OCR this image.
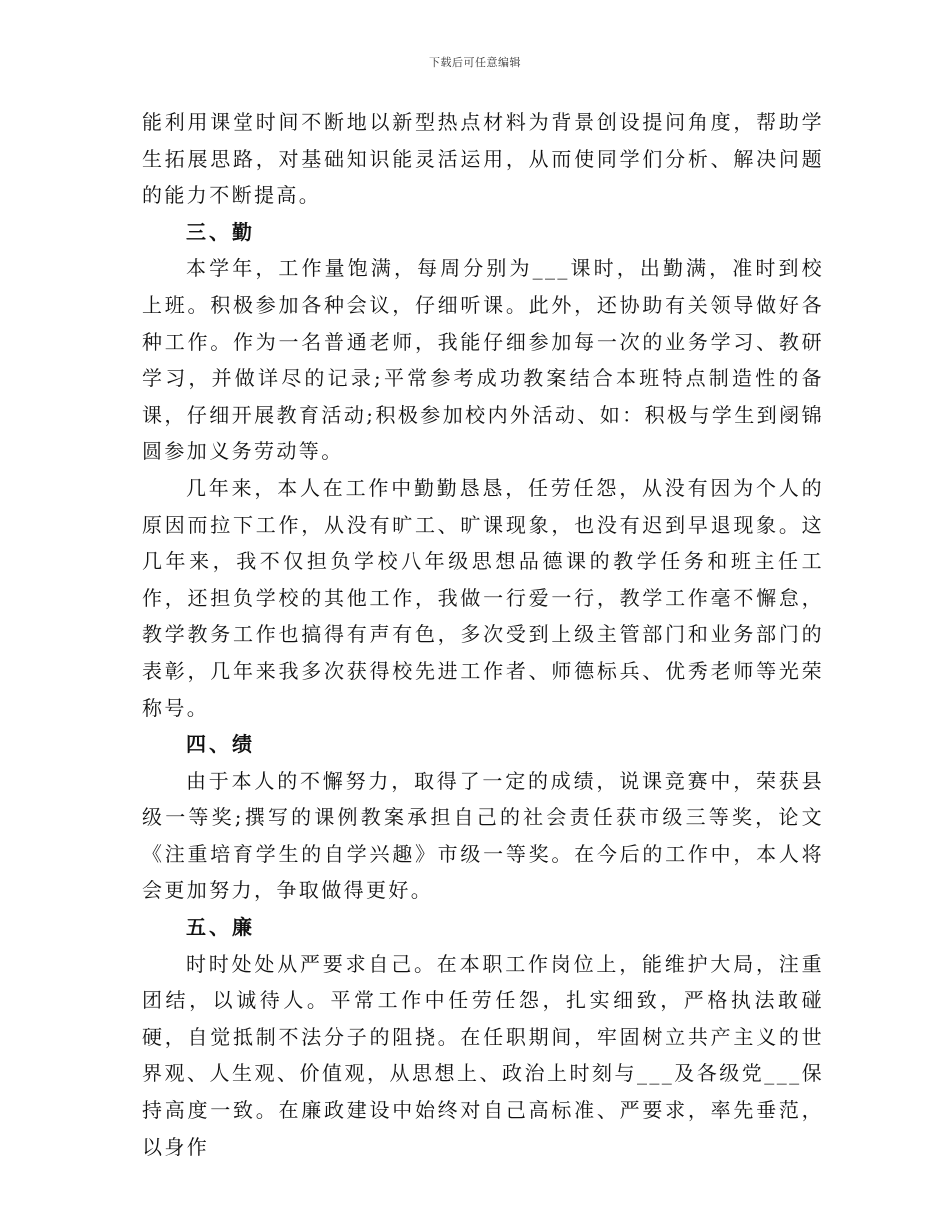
下载后可任意编辑
能利用课堂时间不断地以新型热点材料为背景创设提问角度，帮助学生拓展思路，对基础知识能灵活运用，从而使同学们分析、解决问题的能力不断提高。
三、勤
本学年，工作量饱满，每周分别为___课时，出勤满，准时到校上班。积极参加各种会议，仔细听课。此外，还协助有关领导做好各种工作。作为一名普通老师，我能仔细参加每一次的业务学习、教研学习，并做详尽的记录;平常参考成功教案结合本班特点制造性的备课，仔细开展教育活动;积极参加校内外活动、如：积极与学生到阌锦圆参加义务劳动等。
几年来，本人在工作中勤勤恳恳，任劳任怨，从没有因为个人的原因而拉下工作，从没有旷工、旷课现象，也没有迟到早退现象。这几年来，我不仅担负学校八年级思想品德课的教学任务和班主任工作，还担负学校的其他工作，我做一行爱一行，教学工作毫不懈怠，教学教务工作也搞得有声有色，多次受到上级主管部门和业务部门的表彰，几年来我多次获得校先进工作者、师德标兵、优秀老师等光荣称号。
四、绩
由于本人的不懈努力，取得了一定的成绩，说课竞赛中，荣获县级一等奖;撰写的课例教案承担自己的社会责任获市级三等奖，论文《注重培育学生的自学兴趣》市级一等奖。在今后的工作中，本人将会更加努力，争取做得更好。
五、廉
时时处处从严要求自己。在本职工作岗位上，能维护大局，注重团结，以诚待人。平常工作中任劳任怨，扎实细致，严格执法敢碰硬，自觉抵制不法分子的阻挠。在任职期间，牢固树立共产主义的世界观、人生观、价值观，从思想上、政治上时刻与___及各级党___保持高度一致。在廉政建设中始终对自己高标准、严要求，率先垂范，以身作
